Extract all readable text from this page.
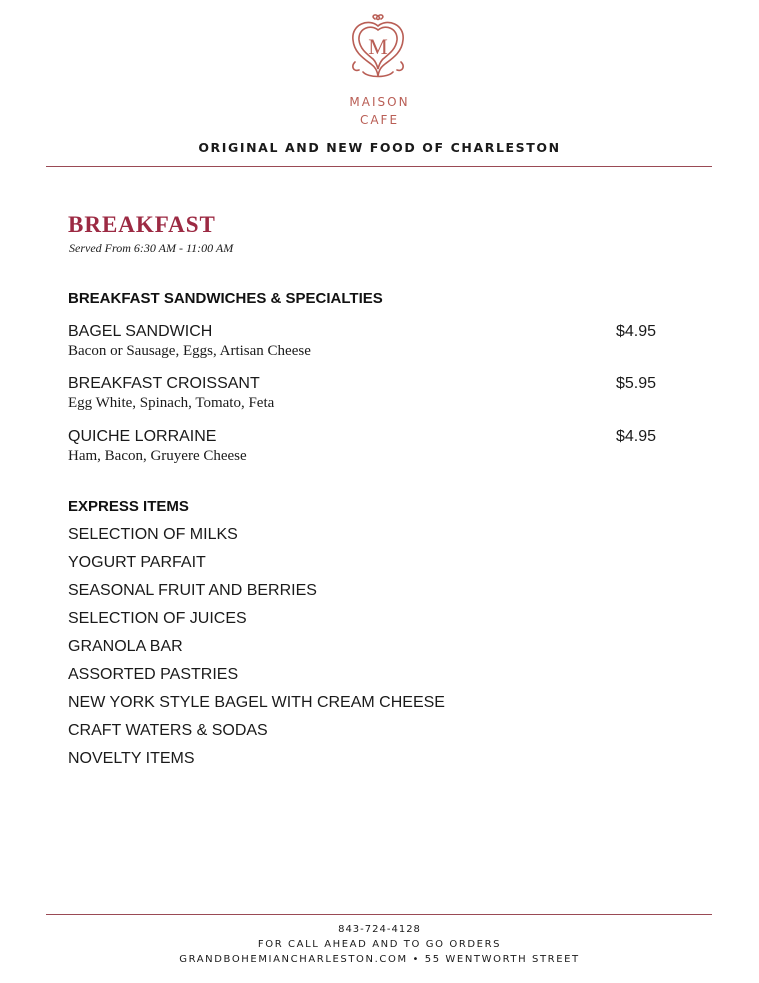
M
MAISON
CAFE
ORIGINAL AND NEW FOOD OF CHARLESTON
BREAKFAST
Served From 6:30 AM - 11:00 AM
BREAKFAST SANDWICHES & SPECIALTIES
BAGEL SANDWICH
Bacon or Sausage, Eggs, Artisan Cheese
$4.95
BREAKFAST CROISSANT
Egg White, Spinach, Tomato, Feta
$5.95
QUICHE LORRAINE
Ham, Bacon, Gruyere Cheese
$4.95
EXPRESS ITEMS
SELECTION OF MILKS
YOGURT PARFAIT
SEASONAL FRUIT AND BERRIES
SELECTION OF JUICES
GRANOLA BAR
ASSORTED PASTRIES
NEW YORK STYLE BAGEL WITH CREAM CHEESE
CRAFT WATERS & SODAS
NOVELTY ITEMS
843-724-4128
FOR CALL AHEAD AND TO GO ORDERS
GRANDBOHEMIANCHARLESTON.COM • 55 WENTWORTH STREET
